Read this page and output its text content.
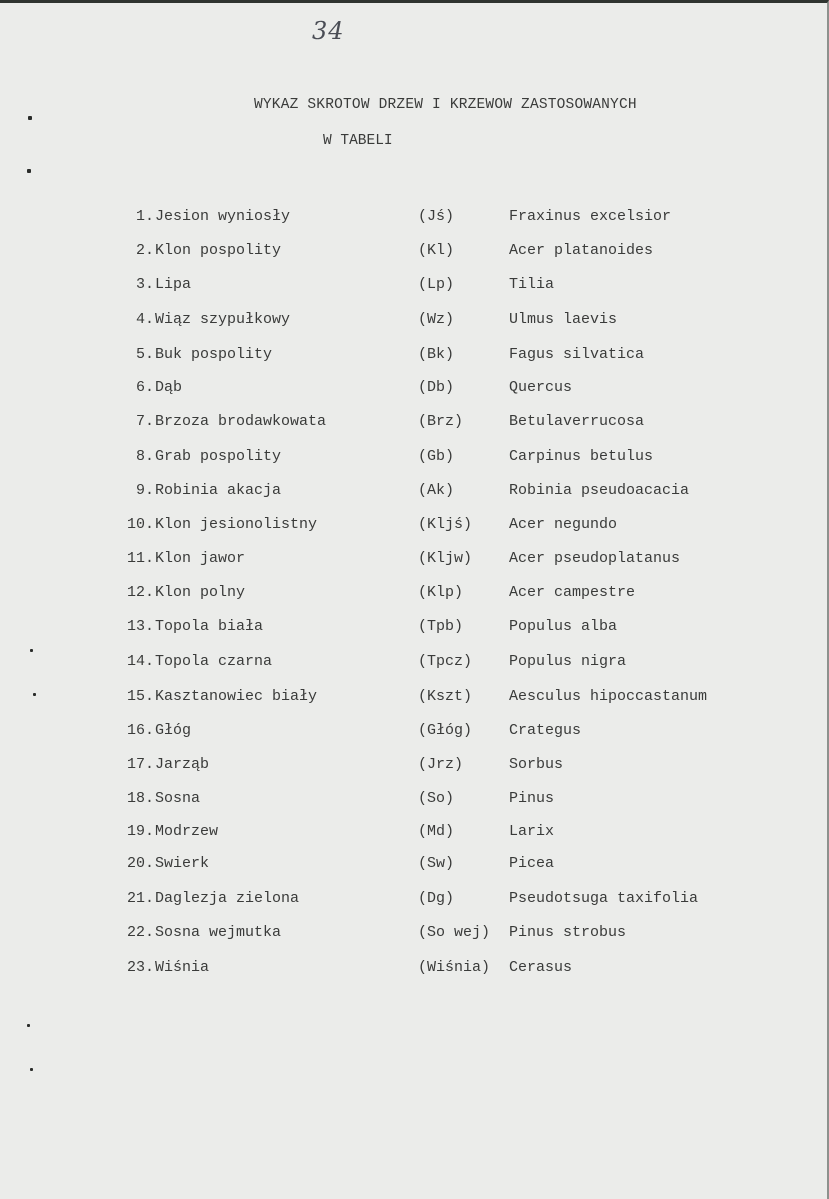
34
WYKAZ SKROTOW DRZEW I KRZEWOW ZASTOSOWANYCH
W TABELI
1. Jesion wyniosły	(Jś)	Fraxinus excelsior
2. Klon pospolity	(Kl)	Acer platanoides
3. Lipa	(Lp)	Tilia
4. Wiąz szypułkowy	(Wz)	Ulmus laevis
5. Buk pospolity	(Bk)	Fagus silvatica
6. Dąb	(Db)	Quercus
7. Brzoza brodawkowata	(Brz)	Betulaverrucosa
8. Grab pospolity	(Gb)	Carpinus betulus
9. Robinia akacja	(Ak)	Robinia pseudoacacia
10. Klon jesionolistny	(Kljś) Acer negundo
11. Klon jawor	(Kljw) Acer pseudoplatanus
12. Klon polny	(Klp)	Acer campestre
13. Topola biała	(Tpb)	Populus alba
14. Topola czarna	(Tpcz) Populus nigra
15. Kasztanowiec biały	(Kszt) Aesculus hipoccastanum
16. Głóg	(Głóg) Crategus
17. Jarząb	(Jrz)	Sorbus
18. Sosna	(So)	Pinus
19. Modrzew	(Md)	Larix
20. Swierk	(Sw)	Picea
21. Daglezja zielona	(Dg)	Pseudotsuga taxifolia
22. Sosna wejmutka	(So wej) Pinus strobus
23. Wiśnia	(Wiśnia) Cerasus
